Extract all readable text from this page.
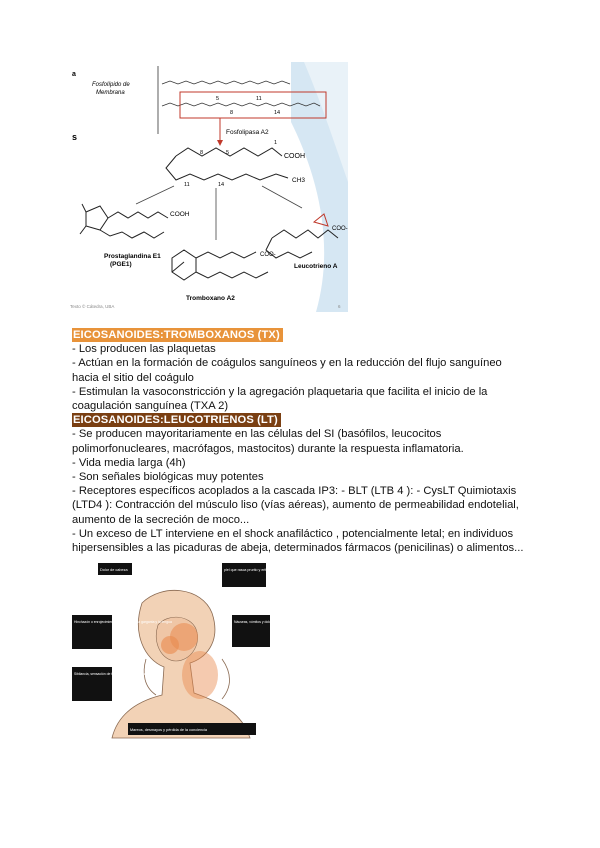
a
s
Fosfolípido de
Membrana
5	11
8	14
Fosfolipasa A2
COOH
CH3
8	5
1
11	14
COOH
Prostaglandina E1
(PGE1)
COO-
Tromboxano A2
COO-
Leucotrieno A
Texto © Cátedra, UBA	6

EICOSANOIDES:TROMBOXANOS (TX)

- Los producen las plaquetas

- Actúan en la formación de coágulos sanguíneos y en la reducción del flujo sanguíneo

hacia el sitio del coágulo

- Estimulan la vasoconstricción y la agregación plaquetaria que facilita el inicio de la

coagulación sanguínea (TXA 2)

EICOSANOIDES:LEUCOTRIENOS (LT)

- Se producen mayoritariamente en las células del SI (basófilos, leucocitos

polimorfonucleares, macrófagos, mastocitos) durante la respuesta inflamatoria.

- Vida media larga (4h)

- Son señales biológicas muy potentes

- Receptores específicos acoplados a la cascada IP3: - BLT (LTB 4 ): - CysLT Quimiotaxis

(LTD4 ): Contracción del músculo liso (vías aéreas), aumento de permeabilidad endotelial,

aumento de la secreción de moco...

- Un exceso de LT interviene en el shock anafiláctico , potencialmente letal; en individuos

hipersensibles a las picaduras de abeja, determinados fármacos (penicilinas) o alimentos...

Dolor de cabeza	piel que rasca prurito y eritema (manchas)
Hinchazón o enrojecimiento de los labios, la garganta y la lengua	Náuseas, vómitos y dolor abdominal
Sibilancia, sensación de falta de aire, tos y ronquera
Mareos, desmayos y pérdida de la conciencia
